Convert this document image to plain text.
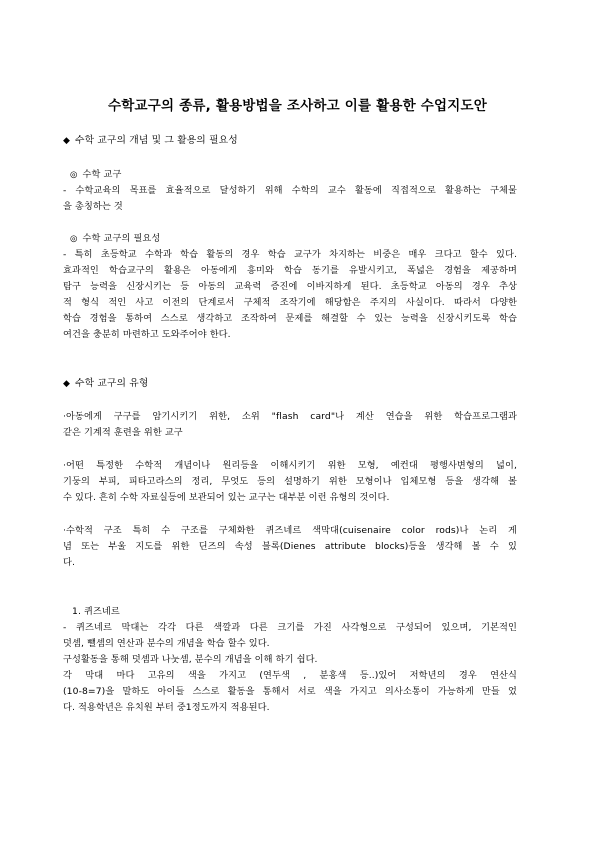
수학교구의 종류, 활용방법을 조사하고 이를 활용한 수업지도안
◆ 수학 교구의 개념 및 그 활용의 필요성
◎ 수학 교구
- 수학교육의 목표를 효율적으로 달성하기 위해 수학의 교수 활동에 직접적으로 활용하는 구체물
을 총칭하는 것
◎ 수학 교구의 필요성
- 특히 초등학교 수학과 학습 활동의 경우 학습 교구가 차지하는 비중은 매우 크다고 할수 있다.
효과적인 학습교구의 활용은 아동에게 흥미와 학습 동기를 유발시키고, 폭넓은 경험을 제공하며
탐구 능력을 신장시키는 등 아동의 교육력 증진에 이바지하게 된다. 초등학교 아동의 경우 추상
적 형식 적인 사고 이전의 단계로서 구체적 조작기에 해당함은 주지의 사실이다. 따라서 다양한
학습 경험을 통하여 스스로 생각하고 조작하여 문제를 해결할 수 있는 능력을 신장시키도록 학습
여건을 충분히 마련하고 도와주어야 한다.
◆ 수학 교구의 유형
·아동에게 구구를 암기시키기 위한, 소위 "flash card"나 계산 연습을 위한 학습프로그램과
같은 기계적 훈련을 위한 교구
·어떤 특정한 수학적 개념이나 원리등을 이해시키기 위한 모형, 예컨대 평행사변형의 넓이,
기둥의 부피, 피타고라스의 정리, 무엇도 등의 설명하기 위한 모형이나 입체모형 등을 생각해 볼
수 있다. 흔히 수학 자료실등에 보관되어 있는 교구는 대부분 이런 유형의 것이다.
·수학적 구조 특히 수 구조를 구체화한 퀴즈네르 색막대(cuisenaire color rods)나 논리 게
념 또는 부울 지도를 위한 딘즈의 속성 블록(Dienes attribute blocks)등을 생각해 볼 수 있
다.
1. 퀴즈네르
- 퀴즈네르 막대는 각각 다른 색깔과 다른 크기를 가진 사각형으로 구성되어 있으며, 기본적인
덧셈, 뺄셈의 연산과 분수의 개념을 학습 할수 있다.
구성활동을 통해 덧셈과 나눗셈, 분수의 개념을 이해 하기 쉽다.
각 막대 마다 고유의 색을 가지고 (연두색 , 분홍색 등..)있어 저학년의 경우 연산식
(10-8=7)을 말하도 아이들 스스로 활동을 통해서 서로 색을 가지고 의사소통이 가능하게 만들 었
다. 적용학년은 유치원 부터 중1정도까지 적용된다.
